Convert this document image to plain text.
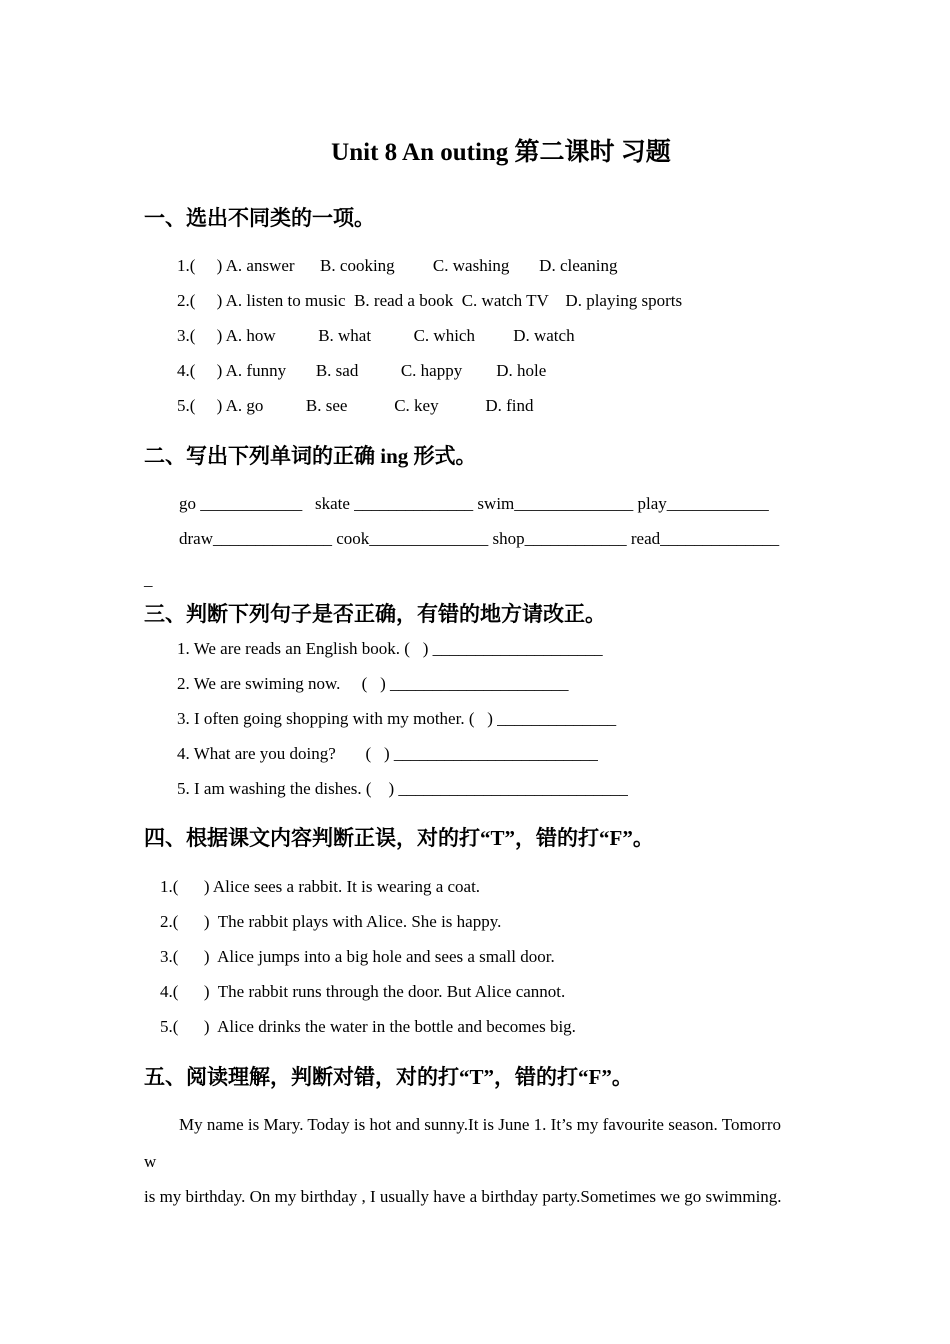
Unit 8 An outing 第二课时 习题
一、选出不同类的一项。
1.(     ) A. answer      B. cooking         C. washing       D. cleaning
2.(     ) A. listen to music  B. read a book  C. watch TV    D. playing sports
3.(     ) A. how          B. what          C. which         D. watch
4.(     ) A. funny       B. sad          C. happy        D. hole
5.(     ) A. go          B. see           C. key           D. find
二、写出下列单词的正确 ing 形式。
go ____________   skate ______________ swim______________ play____________
draw______________ cook______________ shop____________ read______________
_
三、判断下列句子是否正确，有错的地方请改正。
1. We are reads an English book. (   ) ____________________
2. We are swiming now.     (   ) _____________________
3. I often going shopping with my mother. (   ) ______________
4. What are you doing?       (   ) ________________________
5. I am washing the dishes. (    ) ___________________________
四、根据课文内容判断正误，对的打“T”，错的打“F”。
1.(      ) Alice sees a rabbit. It is wearing a coat.
2.(      )  The rabbit plays with Alice. She is happy.
3.(      )  Alice jumps into a big hole and sees a small door.
4.(      )  The rabbit runs through the door. But Alice cannot.
5.(      )  Alice drinks the water in the bottle and becomes big.
五、阅读理解，判断对错，对的打“T”，错的打“F”。
My name is Mary. Today is hot and sunny.It is June 1. It’s my favourite season. Tomorro
w
is my birthday. On my birthday , I usually have a birthday party.Sometimes we go swimming.
